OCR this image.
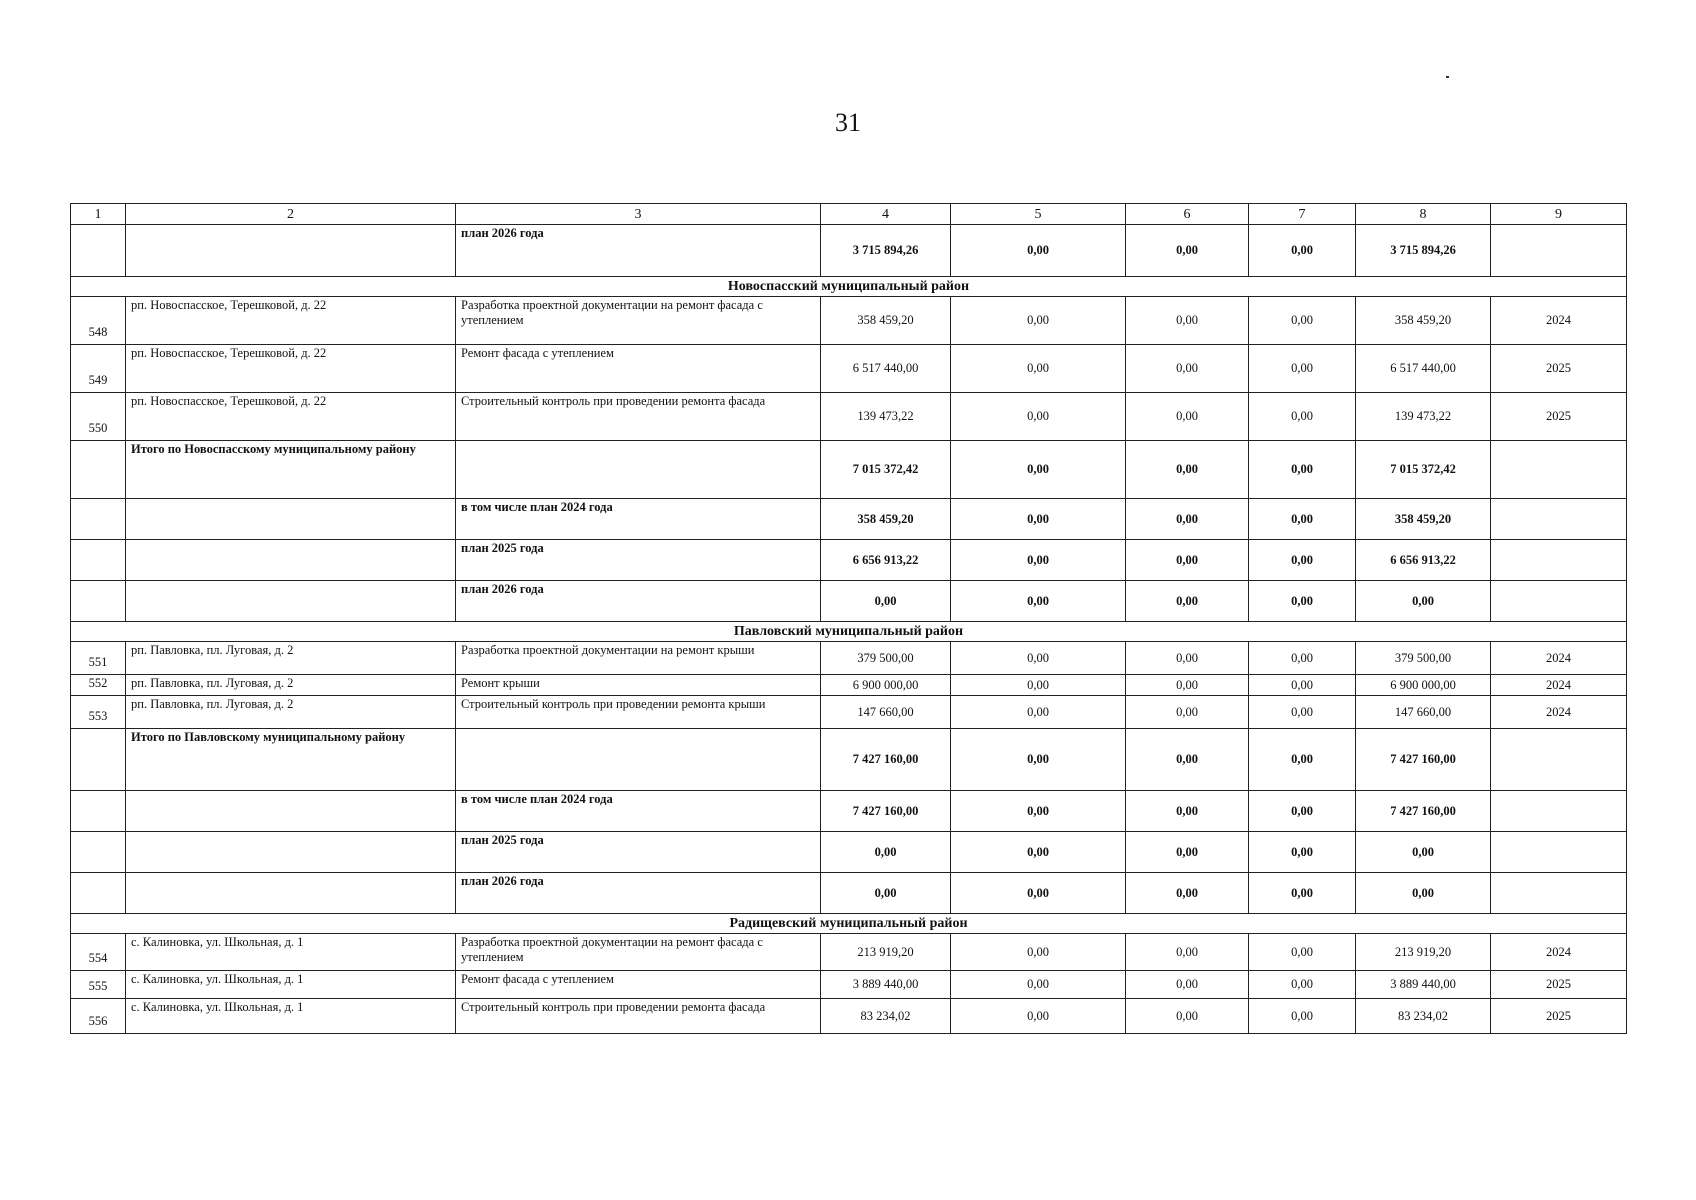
31
1	2	3	4	5	6	7	8	9
		план 2026 года	3 715 894,26	0,00	0,00	0,00	3 715 894,26	
Новоспасский муниципальный район								
548	рп. Новоспасское, Терешковой, д. 22	Разработка проектной документации на ремонт фасада с утеплением	358 459,20	0,00	0,00	0,00	358 459,20	2024
549	рп. Новоспасское, Терешковой, д. 22	Ремонт фасада с утеплением	6 517 440,00	0,00	0,00	0,00	6 517 440,00	2025
550	рп. Новоспасское, Терешковой, д. 22	Строительный контроль при проведении ремонта фасада	139 473,22	0,00	0,00	0,00	139 473,22	2025
	Итого по Новоспасскому муниципальному району		7 015 372,42	0,00	0,00	0,00	7 015 372,42	
		в том числе план 2024 года	358 459,20	0,00	0,00	0,00	358 459,20	
		план 2025 года	6 656 913,22	0,00	0,00	0,00	6 656 913,22	
		план 2026 года	0,00	0,00	0,00	0,00	0,00	
Павловский муниципальный район								
551	рп. Павловка, пл. Луговая, д. 2	Разработка проектной документации на ремонт крыши	379 500,00	0,00	0,00	0,00	379 500,00	2024
552	рп. Павловка, пл. Луговая, д. 2	Ремонт крыши	6 900 000,00	0,00	0,00	0,00	6 900 000,00	2024
553	рп. Павловка, пл. Луговая, д. 2	Строительный контроль при проведении ремонта крыши	147 660,00	0,00	0,00	0,00	147 660,00	2024
	Итого по Павловскому муниципальному району		7 427 160,00	0,00	0,00	0,00	7 427 160,00	
		в том числе план 2024 года	7 427 160,00	0,00	0,00	0,00	7 427 160,00	
		план 2025 года	0,00	0,00	0,00	0,00	0,00	
		план 2026 года	0,00	0,00	0,00	0,00	0,00	
Радищевский муниципальный район								
554	с. Калиновка, ул. Школьная, д. 1	Разработка проектной документации на ремонт фасада с утеплением	213 919,20	0,00	0,00	0,00	213 919,20	2024
555	с. Калиновка, ул. Школьная, д. 1	Ремонт фасада с утеплением	3 889 440,00	0,00	0,00	0,00	3 889 440,00	2025
556	с. Калиновка, ул. Школьная, д. 1	Строительный контроль при проведении ремонта фасада	83 234,02	0,00	0,00	0,00	83 234,02	2025
